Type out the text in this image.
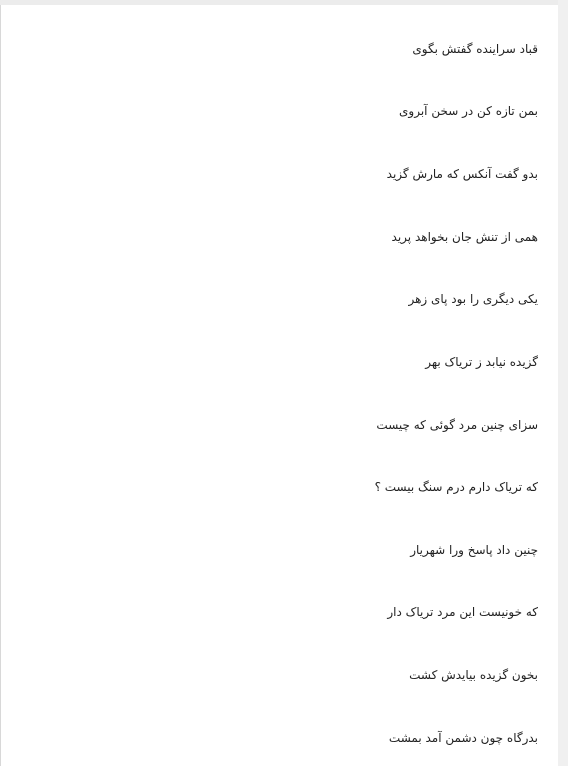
قباد سراینده گفتش بگوی
بمن تازه کن در سخن آبروی
بدو گفت آنکس که مارش گزید
همی از تنش جان بخواهد پرید
یکی دیگری را بود پای زهر
گزیده نیابد ز تریاک بهر
سزای چنین مرد گوئی که چیست
که تریاک دارم درم سنگ بیست ؟
چنین داد پاسخ ورا شهریار
که خونیست این مرد تریاک دار
بخون گزیده بیایدش کشت
بدرگاه چون دشمن آمد بمشت
